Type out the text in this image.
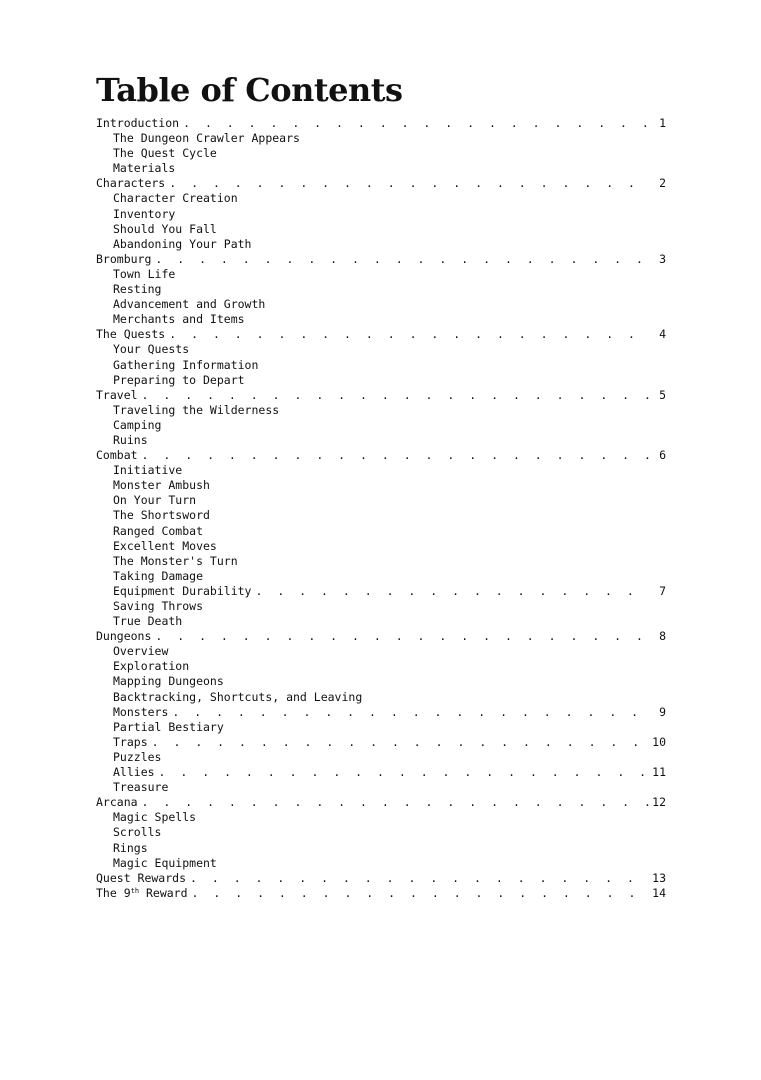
Table of Contents
Introduction . . .	1
The Dungeon Crawler Appears
The Quest Cycle
Materials
Characters . . .	2
Character Creation
Inventory
Should You Fall
Abandoning Your Path
Bromburg . . .	3
Town Life
Resting
Advancement and Growth
Merchants and Items
The Quests . . .	4
Your Quests
Gathering Information
Preparing to Depart
Travel . . .	5
Traveling the Wilderness
Camping
Ruins
Combat . . .	6
Initiative
Monster Ambush
On Your Turn
The Shortsword
Ranged Combat
Excellent Moves
The Monster's Turn
Taking Damage
Equipment Durability . . .	7
Saving Throws
True Death
Dungeons . . .	8
Overview
Exploration
Mapping Dungeons
Backtracking, Shortcuts, and Leaving
Monsters . . .	9
Partial Bestiary
Traps . . .	10
Puzzles
Allies . . .	11
Treasure
Arcana . . .	12
Magic Spells
Scrolls
Rings
Magic Equipment
Quest Rewards . . .	13
The 9th Reward . . .	14
